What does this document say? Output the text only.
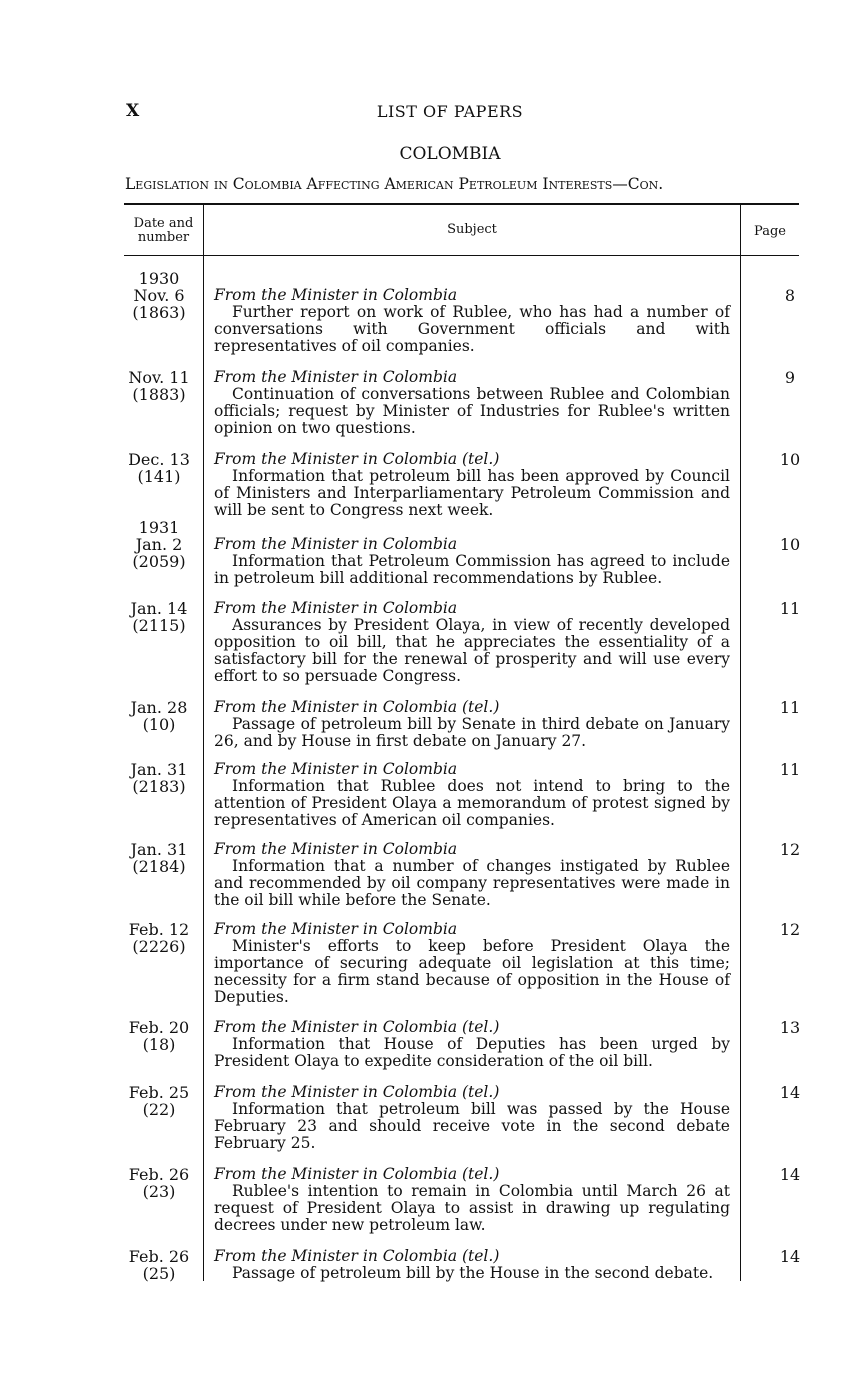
X	LIST OF PAPERS
COLOMBIA
Legislation in Colombia Affecting American Petroleum Interests—Con.
Date and number
Subject	Page
1930
Nov. 6
(1863)
From the Minister in Colombia
Further report on work of Rublee, who has had a number of conversations with Government officials and with representatives of oil companies.
8
Nov. 11
(1883)
From the Minister in Colombia
Continuation of conversations between Rublee and Colombian officials; request by Minister of Industries for Rublee's written opinion on two questions.
9
Dec. 13
(141)
From the Minister in Colombia (tel.)
Information that petroleum bill has been approved by Council of Ministers and Interparliamentary Petroleum Commission and will be sent to Congress next week.
10
1931
Jan. 2
(2059)
From the Minister in Colombia
Information that Petroleum Commission has agreed to include in petroleum bill additional recommendations by Rublee.
10
Jan. 14
(2115)
From the Minister in Colombia
Assurances by President Olaya, in view of recently developed opposition to oil bill, that he appreciates the essentiality of a satisfactory bill for the renewal of prosperity and will use every effort to so persuade Congress.
11
Jan. 28
(10)
From the Minister in Colombia (tel.)
Passage of petroleum bill by Senate in third debate on January 26, and by House in first debate on January 27.
11
Jan. 31
(2183)
From the Minister in Colombia
Information that Rublee does not intend to bring to the attention of President Olaya a memorandum of protest signed by representatives of American oil companies.
11
Jan. 31
(2184)
From the Minister in Colombia
Information that a number of changes instigated by Rublee and recommended by oil company representatives were made in the oil bill while before the Senate.
12
Feb. 12
(2226)
From the Minister in Colombia
Minister's efforts to keep before President Olaya the importance of securing adequate oil legislation at this time; necessity for a firm stand because of opposition in the House of Deputies.
12
Feb. 20
(18)
From the Minister in Colombia (tel.)
Information that House of Deputies has been urged by President Olaya to expedite consideration of the oil bill.
13
Feb. 25
(22)
From the Minister in Colombia (tel.)
Information that petroleum bill was passed by the House February 23 and should receive vote in the second debate February 25.
14
Feb. 26
(23)
From the Minister in Colombia (tel.)
Rublee's intention to remain in Colombia until March 26 at request of President Olaya to assist in drawing up regulating decrees under new petroleum law.
14
Feb. 26
(25)
From the Minister in Colombia (tel.)
Passage of petroleum bill by the House in the second debate.
14
